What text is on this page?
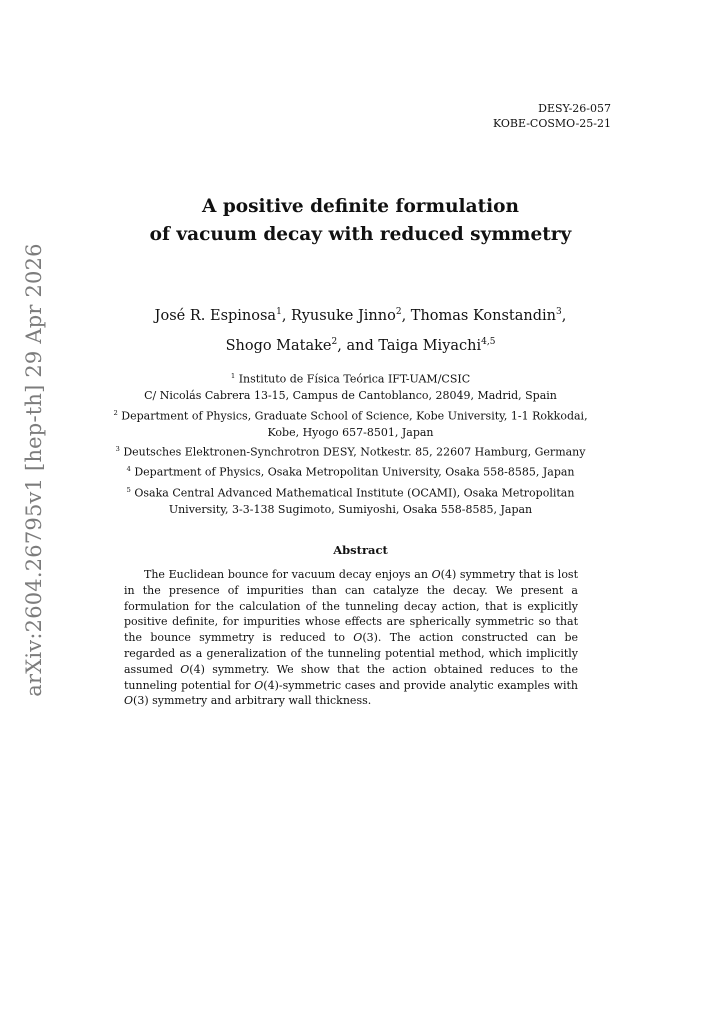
arXiv:2604.26795v1 [hep-th] 29 Apr 2026
DESY-26-057
KOBE-COSMO-25-21
A positive definite formulation
of vacuum decay with reduced symmetry
José R. Espinosa$^1$, Ryusuke Jinno$^2$, Thomas Konstandin$^3$,
Shogo Matake$^2$, and Taiga Miyachi$^{4,5}$
$^1$ Instituto de Física Teórica IFT-UAM/CSIC
C/ Nicolás Cabrera 13-15, Campus de Cantoblanco, 28049, Madrid, Spain
$^2$ Department of Physics, Graduate School of Science, Kobe University, 1-1 Rokkodai,
Kobe, Hyogo 657-8501, Japan
$^3$ Deutsches Elektronen-Synchrotron DESY, Notkestr. 85, 22607 Hamburg, Germany
$^4$ Department of Physics, Osaka Metropolitan University, Osaka 558-8585, Japan
$^5$ Osaka Central Advanced Mathematical Institute (OCAMI), Osaka Metropolitan
University, 3-3-138 Sugimoto, Sumiyoshi, Osaka 558-8585, Japan
Abstract

The Euclidean bounce for vacuum decay enjoys an O(4) symmetry that is lost in the presence of impurities than can catalyze the decay. We present a formulation for the calculation of the tunneling decay action, that is explicitly positive definite, for impurities whose effects are spherically symmetric so that the bounce symmetry is reduced to O(3). The action constructed can be regarded as a generalization of the tunneling potential method, which implicitly assumed O(4) symmetry. We show that the action obtained reduces to the tunneling potential for O(4)-symmetric cases and provide analytic examples with O(3) symmetry and arbitrary wall thickness.
